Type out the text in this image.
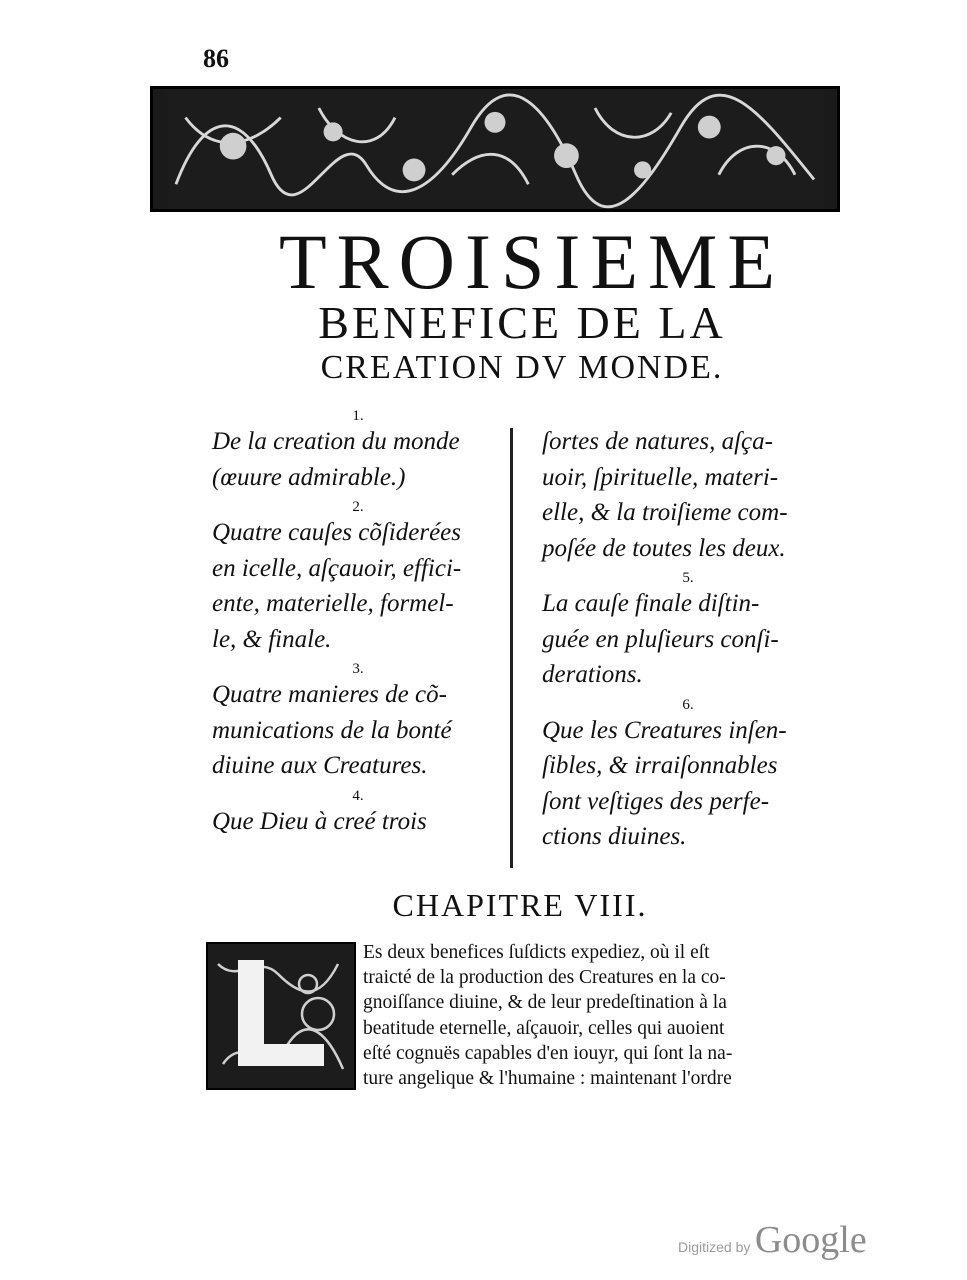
86
TROISIEME
BENEFICE DE LA
CREATION DV MONDE.
1.
De la creation du monde
(œuure admirable.)
2.
Quatre cauſes cõſiderées
en icelle, aſçauoir, effici-
ente, materielle, formel-
le, & finale.
3.
Quatre manieres de cõ-
munications de la bonté
diuine aux Creatures.
4.
Que Dieu à creé trois
ſortes de natures, aſça-
uoir, ſpirituelle, materi-
elle, & la troiſieme com-
poſée de toutes les deux.
5.
La cauſe finale diſtin-
guée en pluſieurs conſi-
derations.
6.
Que les Creatures inſen-
ſibles, & irraiſonnables
ſont veſtiges des perfe-
ctions diuines.
CHAPITRE VIII.
Es deux benefices ſuſdicts expediez, où il eſt
traicté de la production des Creatures en la co-
gnoiſſance diuine, & de leur predeſtination à la
beatitude eternelle, aſçauoir, celles qui auoient
eſté cognuës capables d'en iouyr, qui ſont la na-
ture angelique & l'humaine : maintenant l'ordre
Digitized by Google
